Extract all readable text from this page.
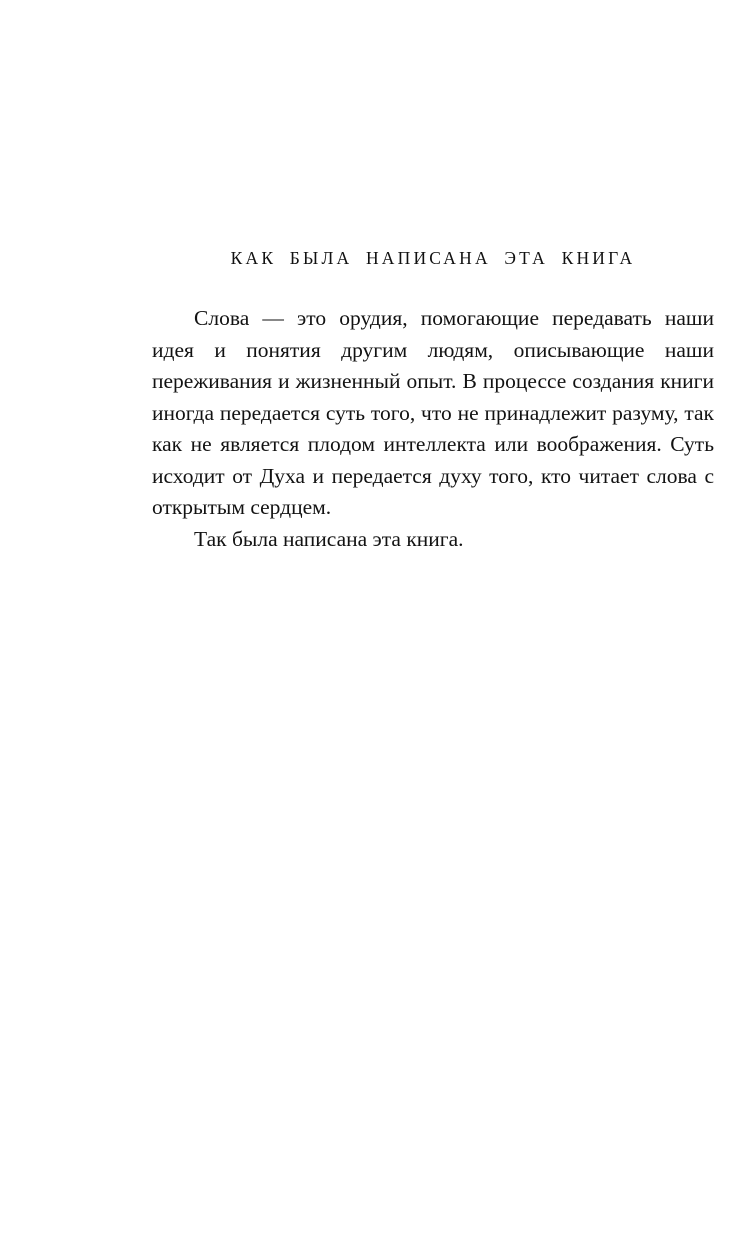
КАК БЫЛА НАПИСАНА ЭТА КНИГА

Слова — это орудия, помогающие передавать наши идея и понятия другим людям, описывающие наши переживания и жизненный опыт. В процессе создания книги иногда передается суть того, что не принадлежит разуму, так как не является плодом интеллекта или воображения. Суть исходит от Духа и передается духу того, кто читает слова с открытым сердцем.

Так была написана эта книга.
